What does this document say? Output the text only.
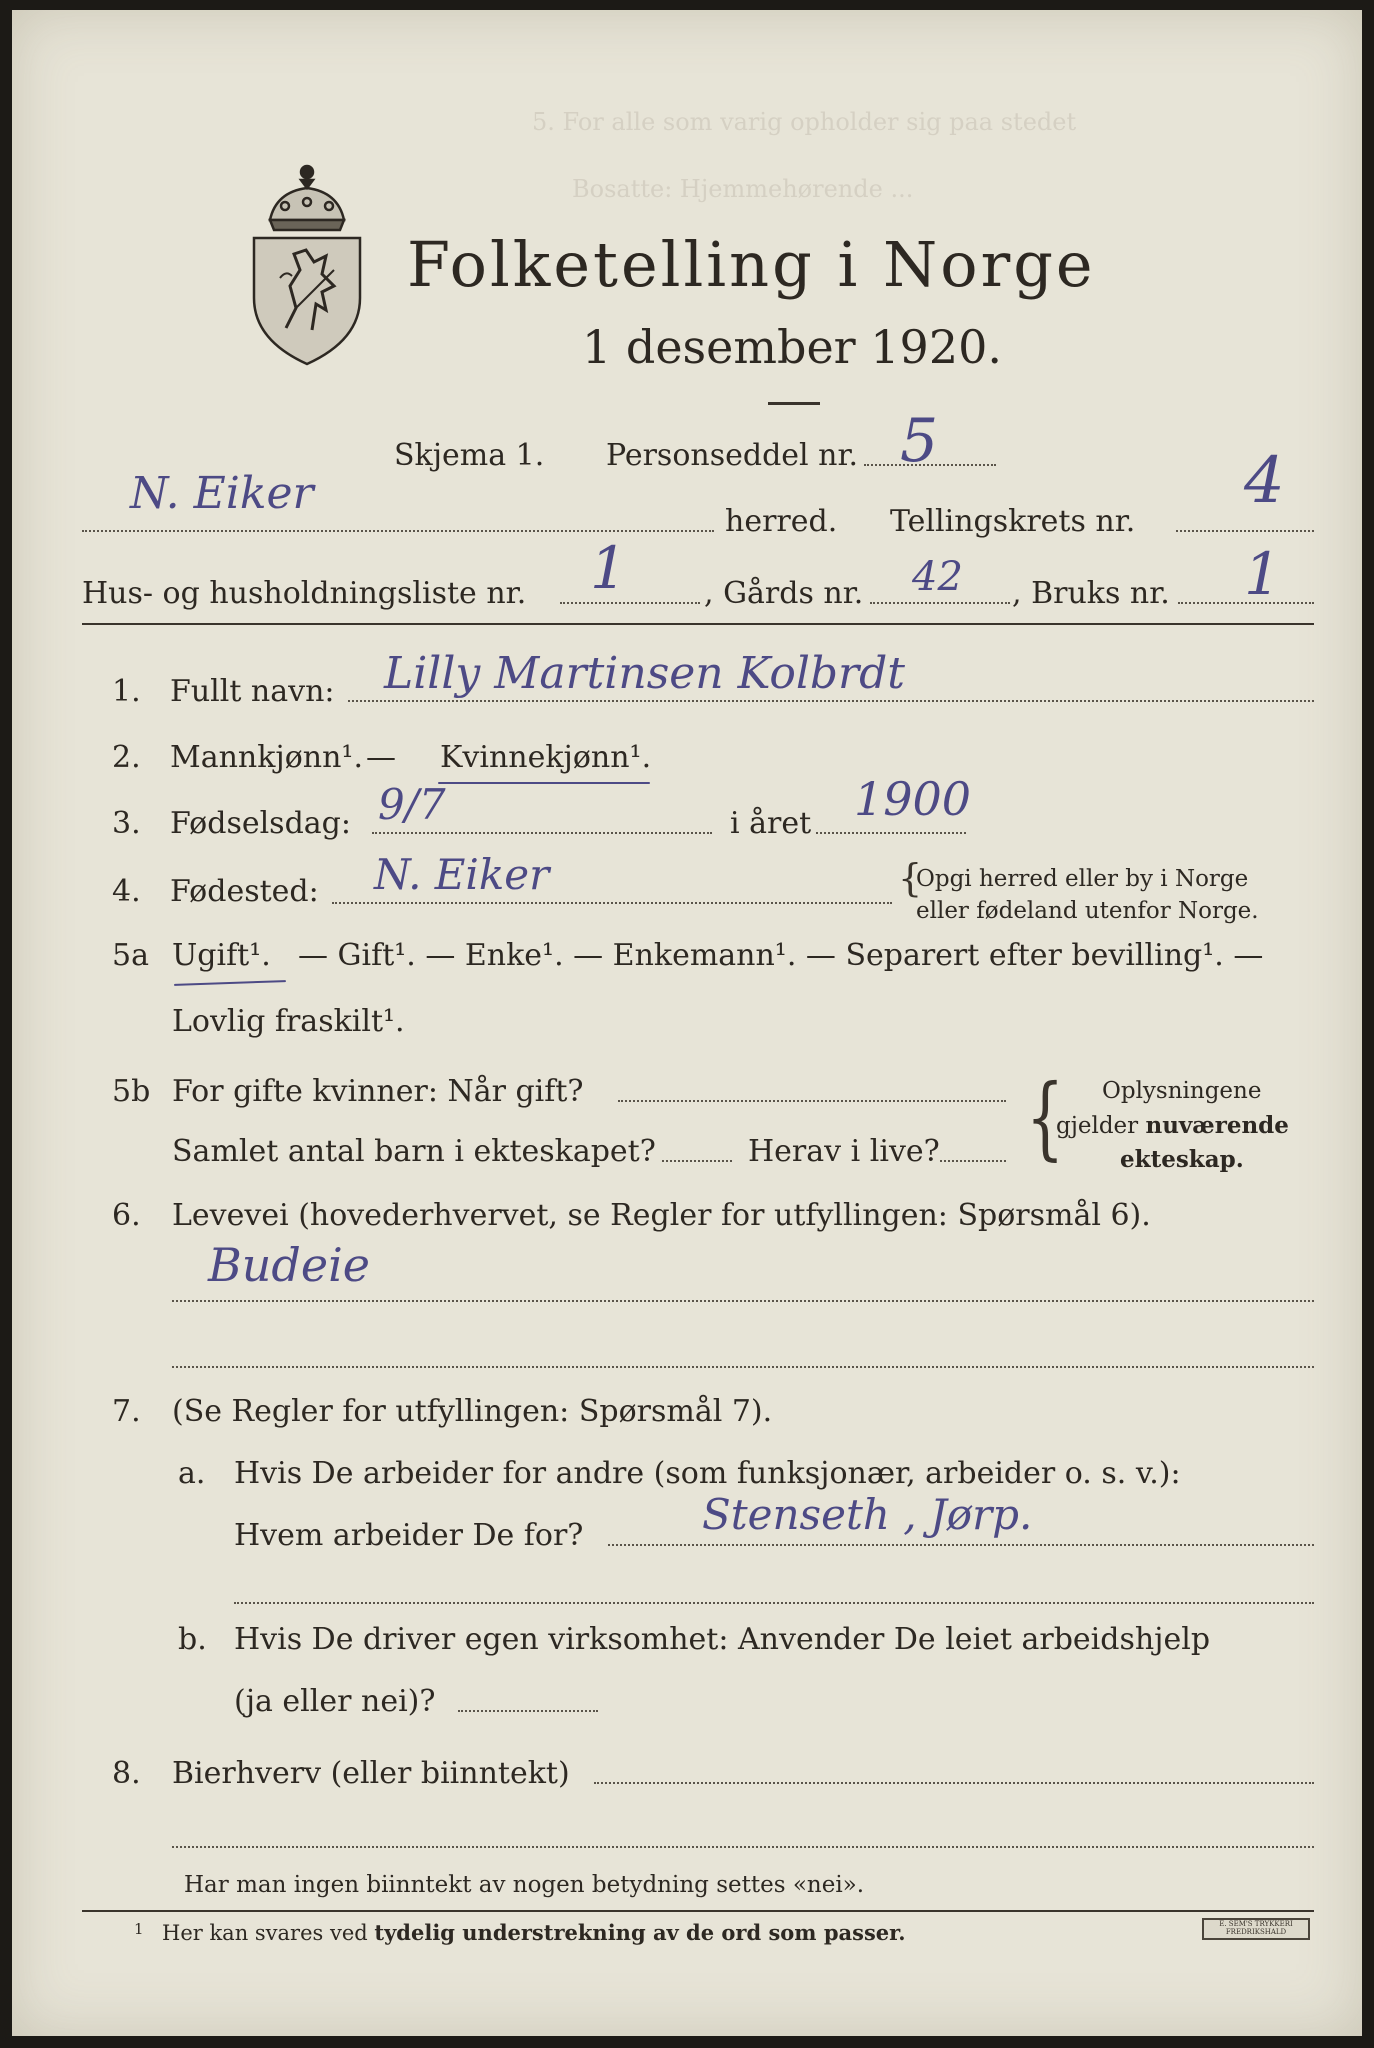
5. For alle som varig opholder sig paa stedet
Bosatte: Hjemmehørende ...
Folketelling i Norge
1 desember 1920.
Skjema 1. Personseddel nr. 5
N. Eiker
herred. Tellingskrets nr.
4
Hus- og husholdningsliste nr. 1	, Gårds nr. 42 , Bruks nr. 1
1. Fullt navn: Lilly Martinsen Kolbrdt
2. Mannkjønn¹. — Kvinnekjønn¹.
3. Fødselsdag: 9/7	i året 1900
4. Fødested: N. Eiker	{
Opgi herred eller by i Norge
eller fødeland utenfor Norge.
5a Ugift¹. — Gift¹. — Enke¹. — Enkemann¹. — Separert efter bevilling¹. —
Lovlig fraskilt¹.
5b For gifte kvinner: Når gift?
Samlet antal barn i ekteskapet?	Herav i live? { Oplysningene
gjelder nuværende
ekteskap.
6. Levevei (hovederhvervet, se Regler for utfyllingen: Spørsmål 6).
Budeie
7. (Se Regler for utfyllingen: Spørsmål 7).
a. Hvis De arbeider for andre (som funksjonær, arbeider o. s. v.):
Hvem arbeider De for?	Stenseth , Jørp.
b. Hvis De driver egen virksomhet: Anvender De leiet arbeidshjelp
(ja eller nei)?
8. Bierhverv (eller biinntekt)
Har man ingen biinntekt av nogen betydning settes «nei».
1 Her kan svares ved tydelig understrekning av de ord som passer.	E. SEM'S TRYKKERI FREDRIKSHALD
